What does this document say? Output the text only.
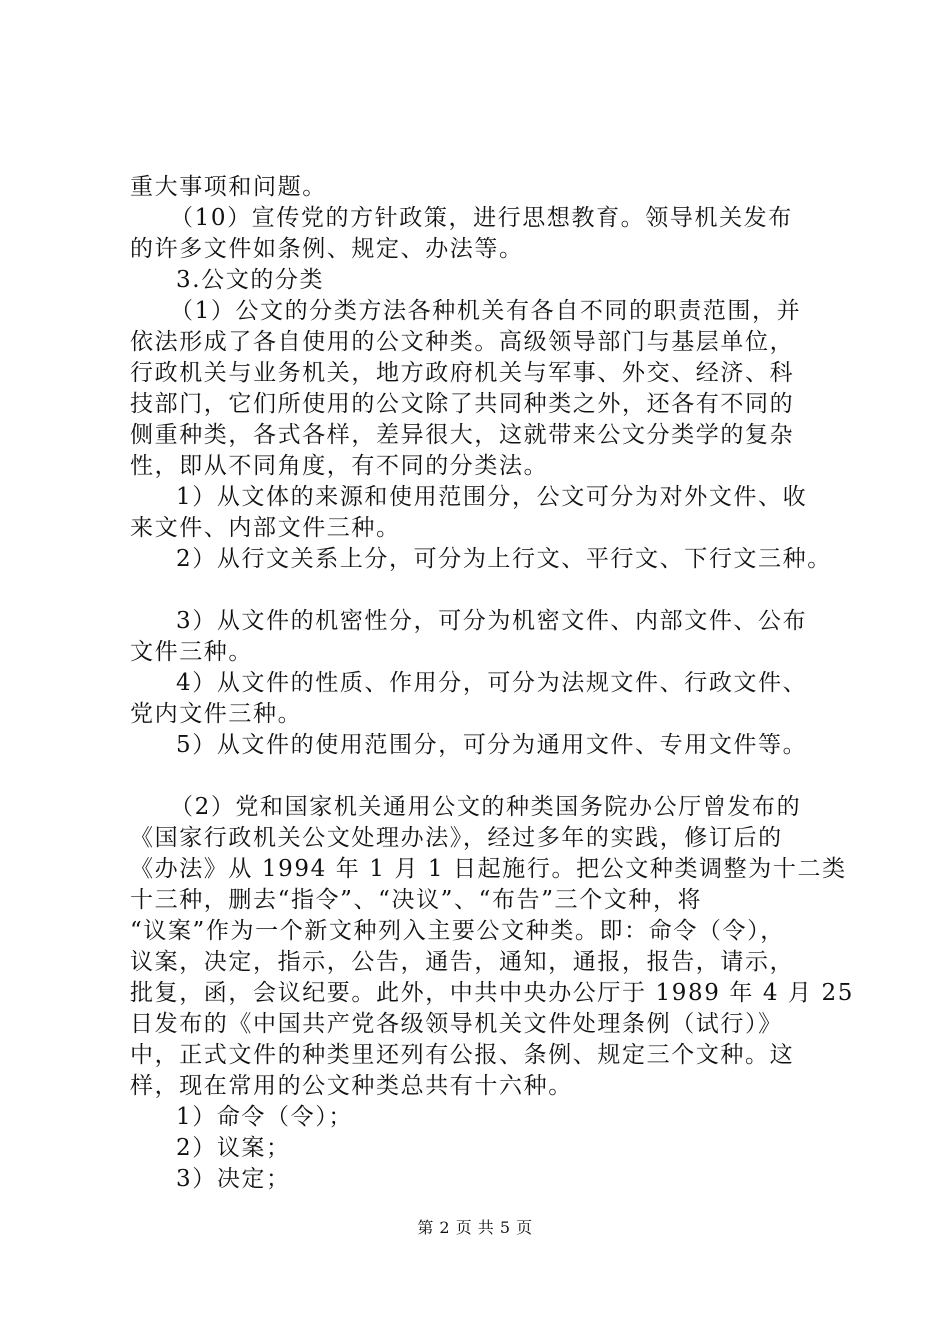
重大事项和问题。
（10）宣传党的方针政策，进行思想教育。领导机关发布
的许多文件如条例、规定、办法等。
3.公文的分类
（1）公文的分类方法各种机关有各自不同的职责范围，并
依法形成了各自使用的公文种类。高级领导部门与基层单位，
行政机关与业务机关，地方政府机关与军事、外交、经济、科
技部门，它们所使用的公文除了共同种类之外，还各有不同的
侧重种类，各式各样，差异很大，这就带来公文分类学的复杂
性，即从不同角度，有不同的分类法。
1）从文体的来源和使用范围分，公文可分为对外文件、收
来文件、内部文件三种。
2）从行文关系上分，可分为上行文、平行文、下行文三种。
3）从文件的机密性分，可分为机密文件、内部文件、公布
文件三种。
4）从文件的性质、作用分，可分为法规文件、行政文件、
党内文件三种。
5）从文件的使用范围分，可分为通用文件、专用文件等。
（2）党和国家机关通用公文的种类国务院办公厅曾发布的
《国家行政机关公文处理办法》，经过多年的实践，修订后的
《办法》从 1994 年 1 月 1 日起施行。把公文种类调整为十二类
十三种，删去“指令”、“决议”、“布告”三个文种，将
“议案”作为一个新文种列入主要公文种类。即：命令（令），
议案，决定，指示，公告，通告，通知，通报，报告，请示，
批复，函，会议纪要。此外，中共中央办公厅于 1989 年 4 月 25
日发布的《中国共产党各级领导机关文件处理条例（试行）》
中，正式文件的种类里还列有公报、条例、规定三个文种。这
样，现在常用的公文种类总共有十六种。
1）命令（令）；
2）议案；
3）决定；
第 2 页 共 5 页
